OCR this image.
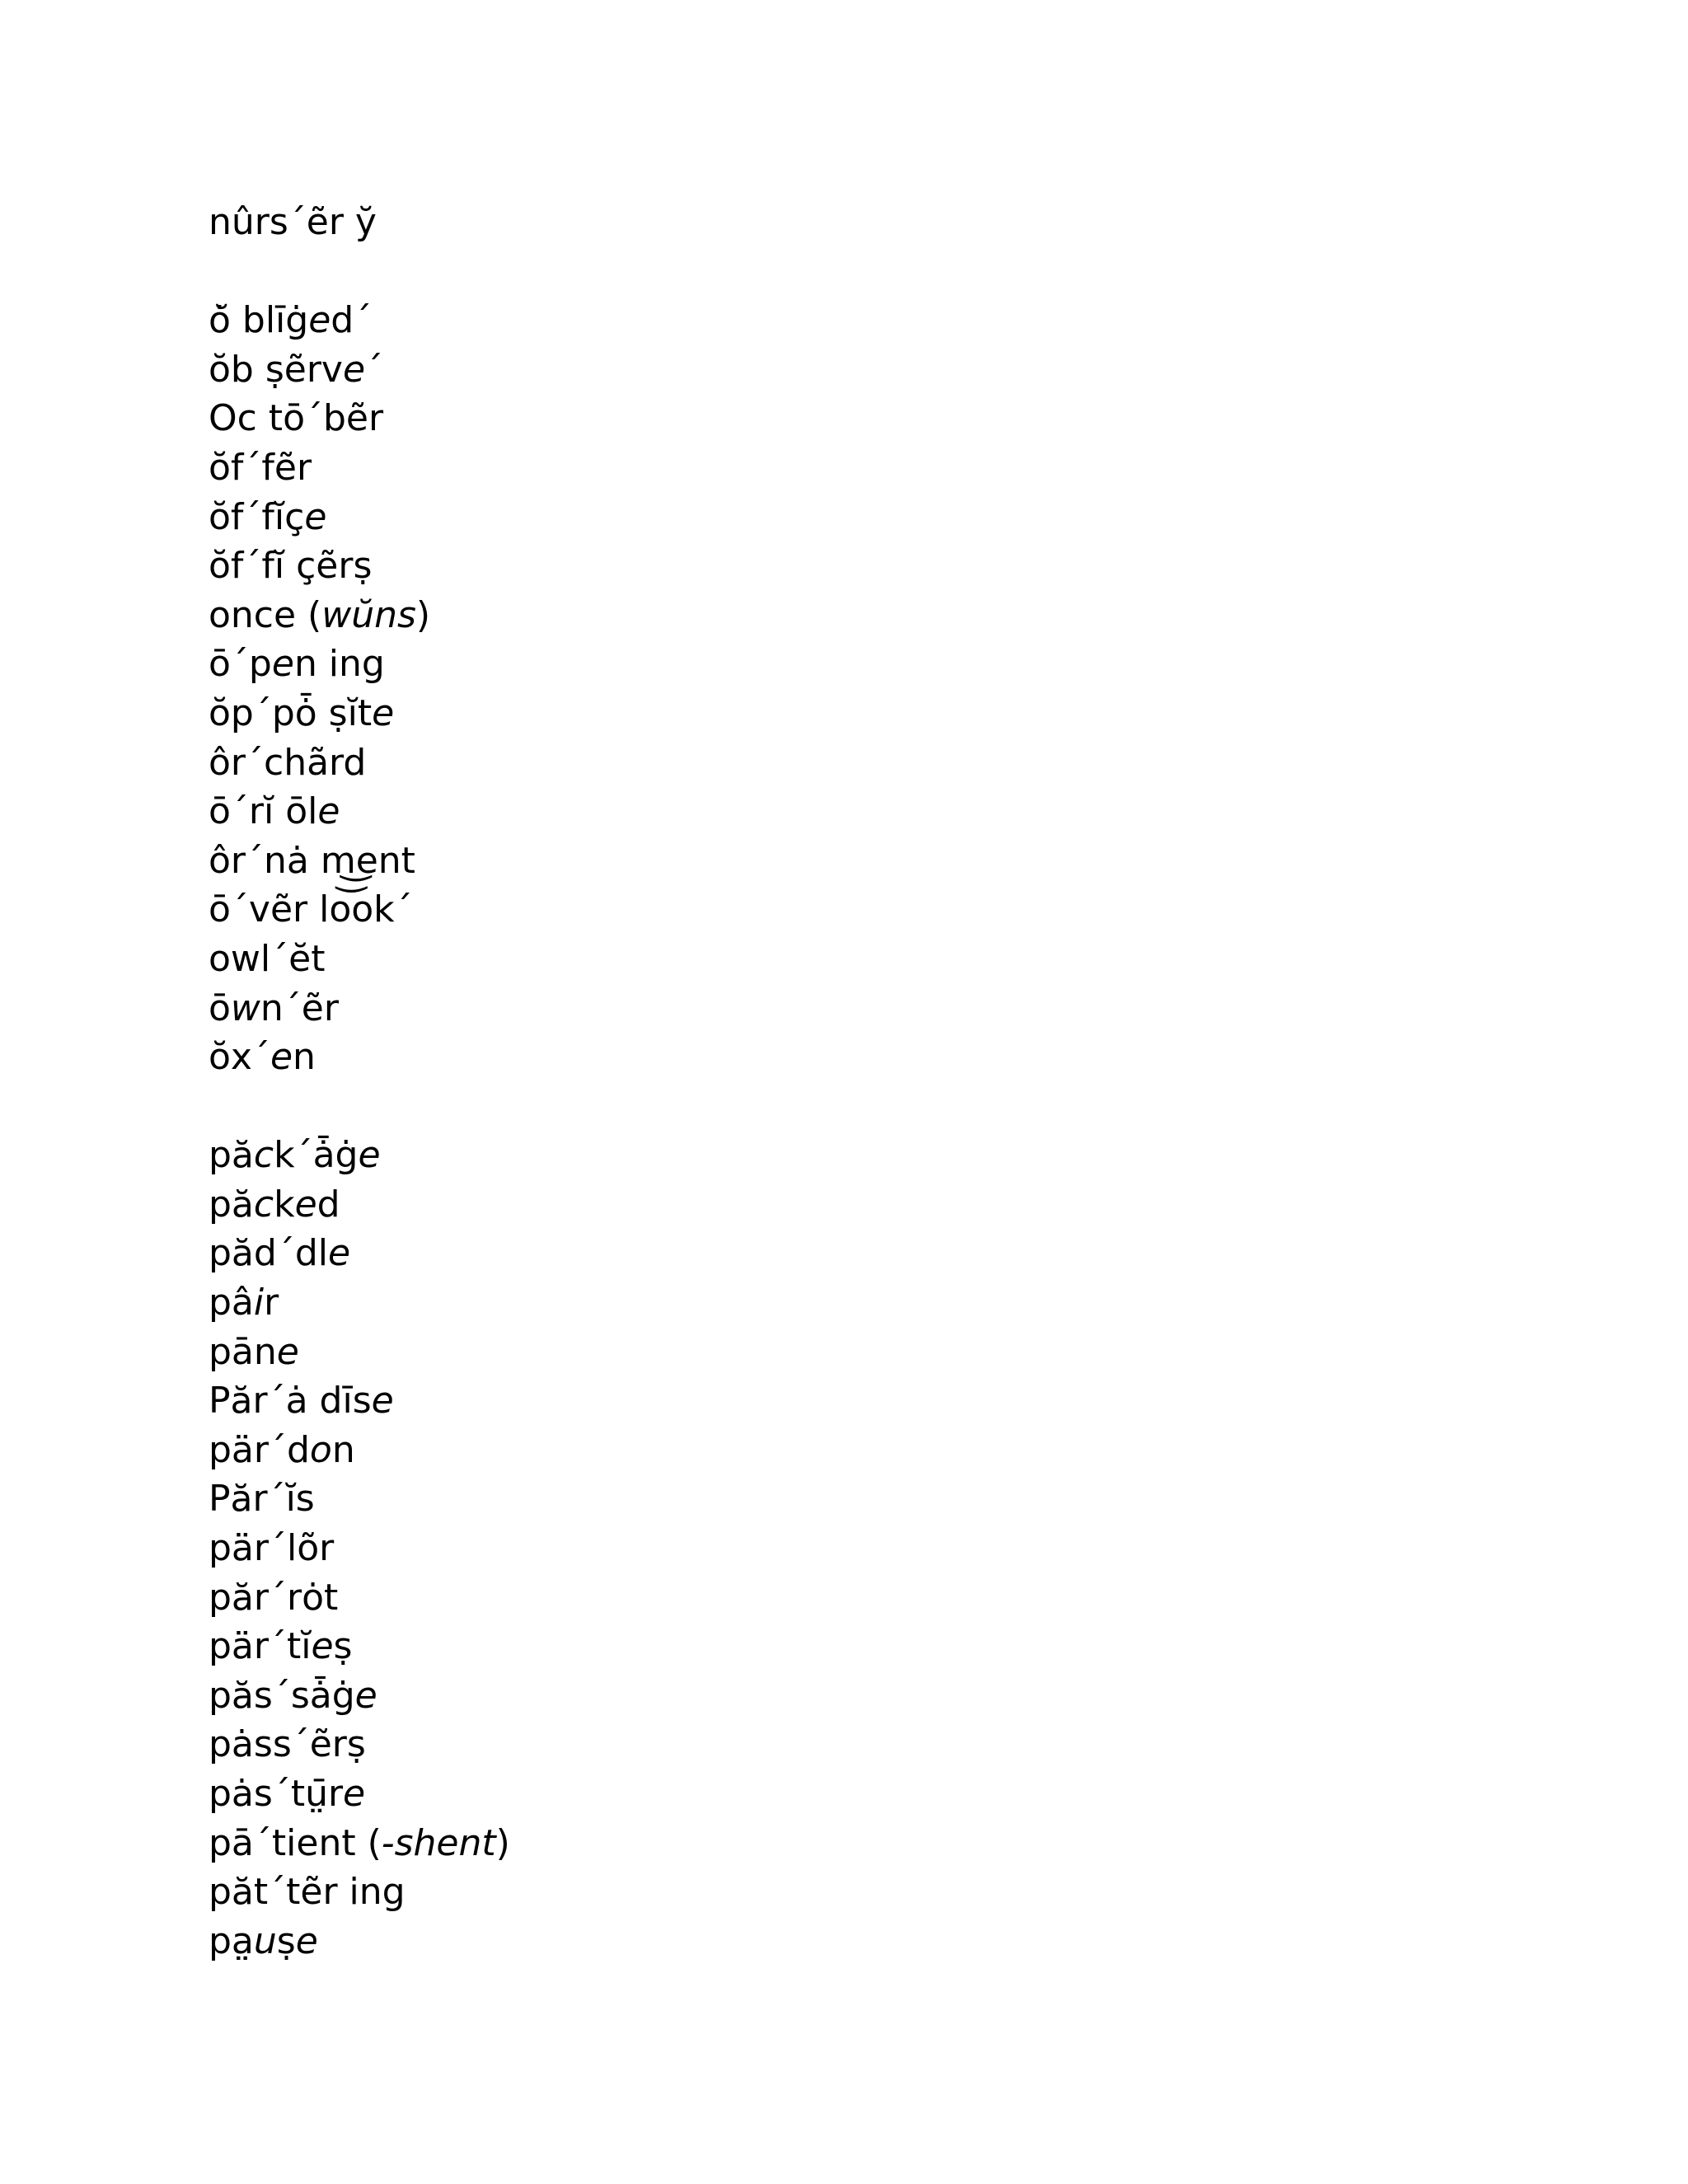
nûrs´ẽr y̆

ȯ̆ blīġed´
ŏb ṣẽrve´
Oc tō´bẽr
ŏf´fẽr
ŏf´fĭçe
ŏf´fĭ çẽrṣ
once (wŭns)
ō´pen ing
ŏp´pȱ ṣĭte
ôr´chãrd
ō´rĭ ōle
ôr´nȧ m͜ent
ō´vẽr lo͝ok´
owl´ĕt
ōwn´ẽr
ŏx´en

păck´ǡġe
păcked
păd´dle
pâir
pāne
Păr´ȧ dīse
pär´don
Păr´ĭs
pär´lõr
păr´rȯt
pär´tĭeṣ
păs´sǡġe
pȧss´ẽrṣ
pȧs´tṳ̄re
pā´tient (-shent)
păt´tẽr ing
pa̤uṣe
